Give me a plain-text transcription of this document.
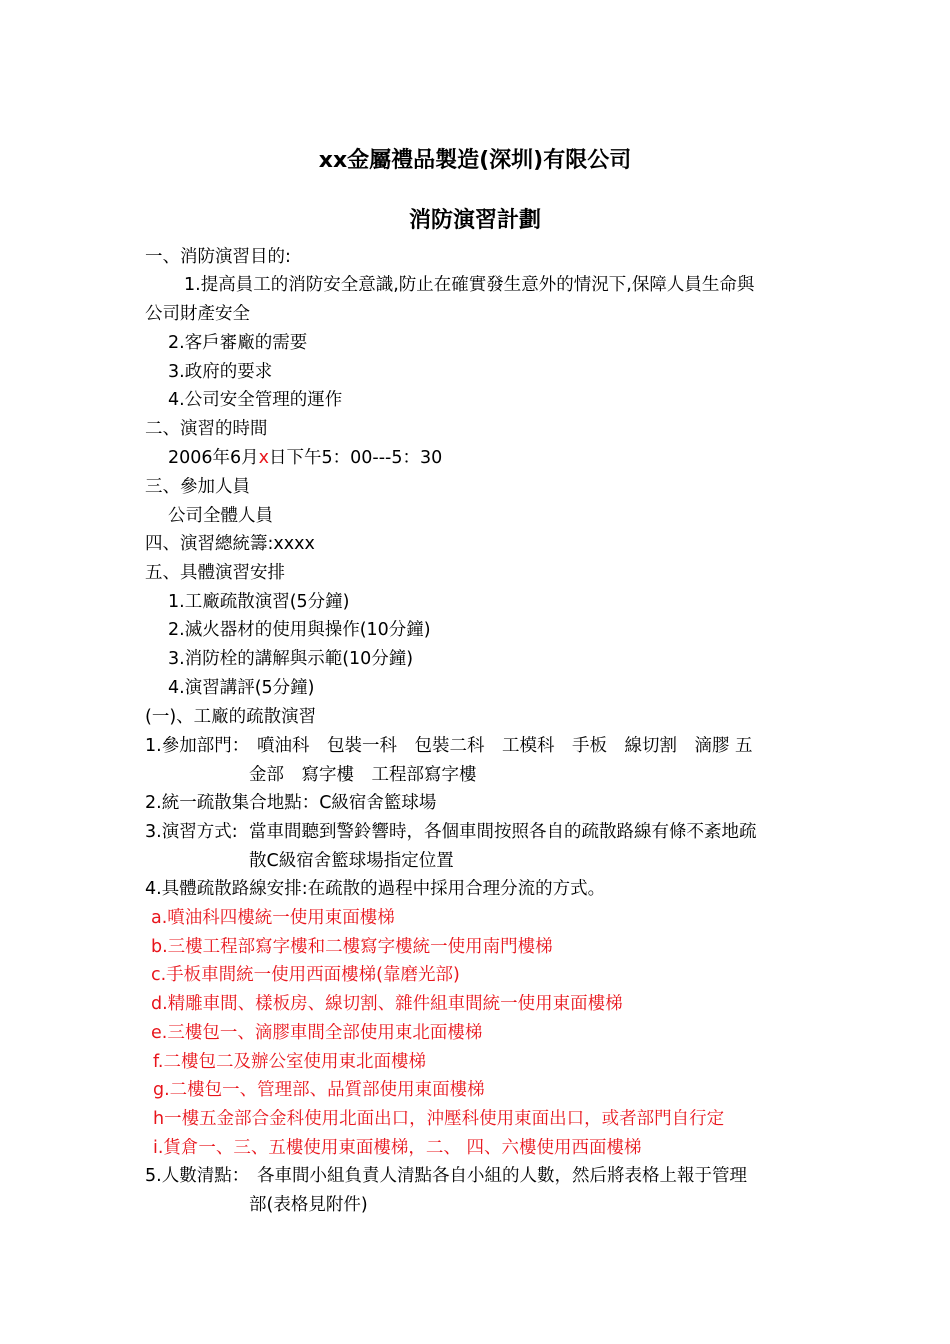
xx金屬禮品製造(深圳)有限公司
消防演習計劃
一、消防演習目的:
1.提高員工的消防安全意識,防止在確實發生意外的情況下,保障人員生命與
公司財產安全
2.客戶審廠的需要
3.政府的要求
4.公司安全管理的運作
二、演習的時間
2006年6月x日下午5：00---5：30
三、參加人員
公司全體人員
四、演習總統籌:xxxx
五、具體演習安排
1.工廠疏散演習(5分鐘)
2.滅火器材的使用與操作(10分鐘)
3.消防栓的講解與示範(10分鐘)
4.演習講評(5分鐘)
(一)、工廠的疏散演習
1.參加部門： 噴油科　包裝一科　包裝二科　工模科　手板　線切割　滴膠 五
金部　寫字樓　工程部寫字樓
2.統一疏散集合地點：C級宿舍籃球場
3.演習方式: 當車間聽到警鈴響時，各個車間按照各自的疏散路線有條不紊地疏
散C級宿舍籃球場指定位置
4.具體疏散路線安排:在疏散的過程中採用合理分流的方式。
a.噴油科四樓統一使用東面樓梯
b.三樓工程部寫字樓和二樓寫字樓統一使用南門樓梯
c.手板車間統一使用西面樓梯(靠磨光部)
d.精雕車間、樣板房、線切割、雜件組車間統一使用東面樓梯
e.三樓包一、滴膠車間全部使用東北面樓梯
f.二樓包二及辦公室使用東北面樓梯
g.二樓包一、管理部、品質部使用東面樓梯
h一樓五金部合金科使用北面出口，沖壓科使用東面出口，或者部門自行定
i.貨倉一、三、五樓使用東面樓梯，二、 四、六樓使用西面樓梯
5.人數清點： 各車間小組負責人清點各自小組的人數，然后將表格上報于管理
部(表格見附件)
